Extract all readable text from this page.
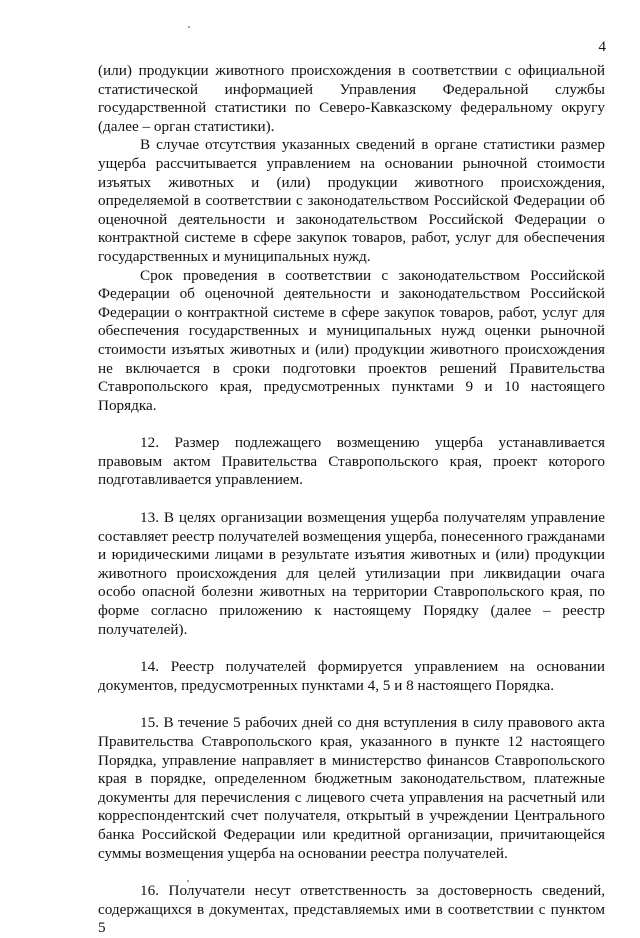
4

(или) продукции животного происхождения в соответствии с официальной статистической информацией Управления Федеральной службы государственной статистики по Северо-Кавказскому федеральному округу (далее – орган статистики).

В случае отсутствия указанных сведений в органе статистики размер ущерба рассчитывается управлением на основании рыночной стоимости изъятых животных и (или) продукции животного происхождения, определяемой в соответствии с законодательством Российской Федерации об оценочной деятельности и законодательством Российской Федерации о контрактной системе в сфере закупок товаров, работ, услуг для обеспечения государственных и муниципальных нужд.

Срок проведения в соответствии с законодательством Российской Федерации об оценочной деятельности и законодательством Российской Федерации о контрактной системе в сфере закупок товаров, работ, услуг для обеспечения государственных и муниципальных нужд оценки рыночной стоимости изъятых животных и (или) продукции животного происхождения не включается в сроки подготовки проектов решений Правительства Ставропольского края, предусмотренных пунктами 9 и 10 настоящего Порядка.

12. Размер подлежащего возмещению ущерба устанавливается правовым актом Правительства Ставропольского края, проект которого подготавливается управлением.

13. В целях организации возмещения ущерба получателям управление составляет реестр получателей возмещения ущерба, понесенного гражданами и юридическими лицами в результате изъятия животных и (или) продукции животного происхождения для целей утилизации при ликвидации очага особо опасной болезни животных на территории Ставропольского края, по форме согласно приложению к настоящему Порядку (далее – реестр получателей).

14. Реестр получателей формируется управлением на основании документов, предусмотренных пунктами 4, 5 и 8 настоящего Порядка.

15. В течение 5 рабочих дней со дня вступления в силу правового акта Правительства Ставропольского края, указанного в пункте 12 настоящего Порядка, управление направляет в министерство финансов Ставропольского края в порядке, определенном бюджетным законодательством, платежные документы для перечисления с лицевого счета управления на расчетный или корреспондентский счет получателя, открытый в учреждении Центрального банка Российской Федерации или кредитной организации, причитающейся суммы возмещения ущерба на основании реестра получателей.

16. Получатели несут ответственность за достоверность сведений, содержащихся в документах, представляемых ими в соответствии с пунктом 5
